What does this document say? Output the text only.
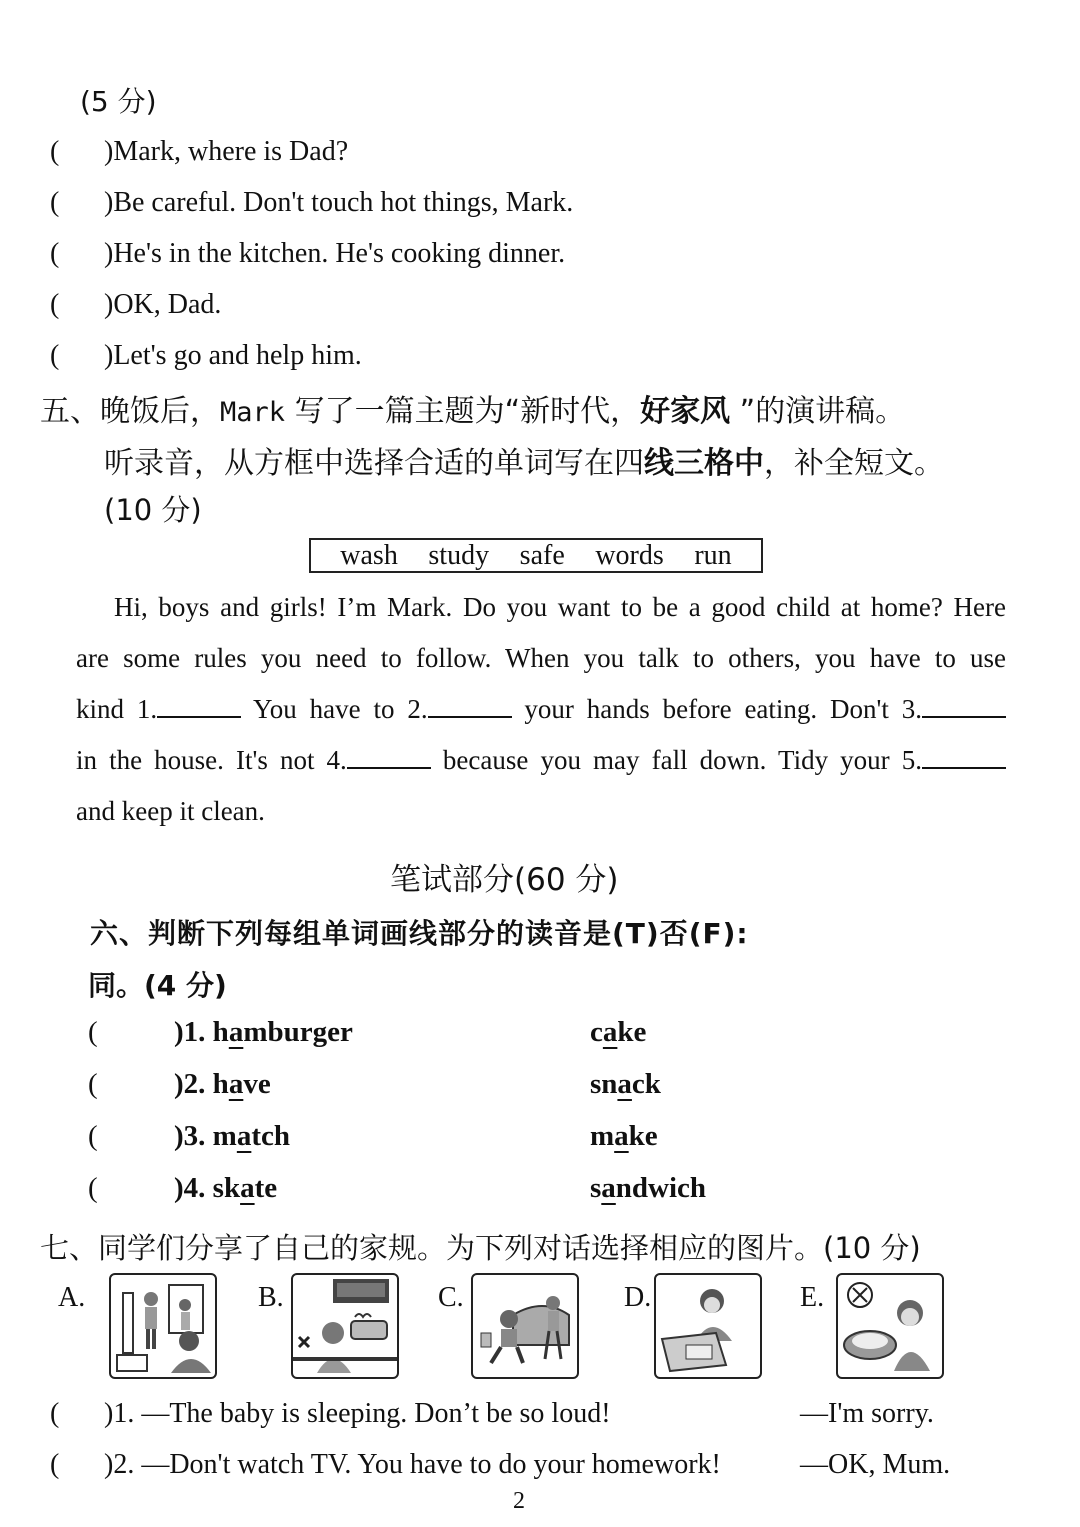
(5 分)
( )Mark, where is Dad?
( )Be careful. Don't touch hot things, Mark.
( )He's in the kitchen. He's cooking dinner.
( )OK, Dad.
( )Let's go and help him.
五、晚饭后，Mark 写了一篇主题为“新时代，好家风 ”的演讲稿。
听录音，从方框中选择合适的单词写在四线三格中，补全短文。
(10 分)
wash study safe words run
Hi, boys and girls! I’m Mark. Do you want to be a good child at home? Here
are some rules you need to follow. When you talk to others, you have to use
kind 1.	You have to 2.	your hands before eating. Don't 3.
in the house. It's not 4.	because you may fall down. Tidy your 5.
and keep it clean.
笔试部分(60 分)
六、判断下列每组单词画线部分的读音是(T)否(F):
同。(4 分)
(	)1. hamburger	cake
(	)2. have	snack
(	)3. match	make
(	)4. skate	sandwich
七、同学们分享了自己的家规。为下列对话选择相应的图片。(10 分)
A.	B.	C.	D.	E.
( )1. —The baby is sleeping. Don’t be so loud!	—I'm sorry.
( )2. —Don't watch TV. You have to do your homework!	—OK, Mum.
2
